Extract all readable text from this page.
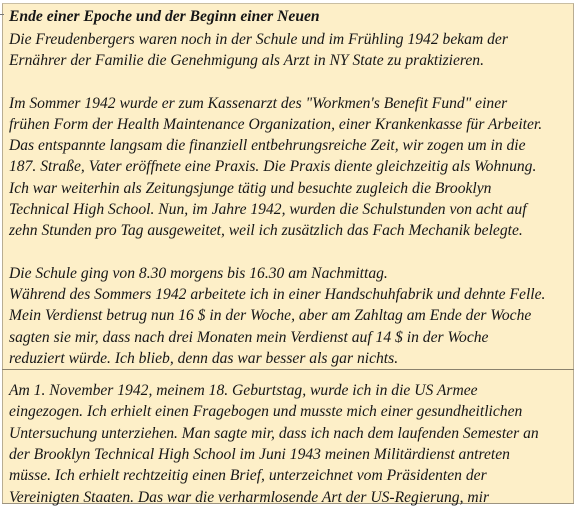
Ende einer Epoche und der Beginn einer Neuen
Die Freudenbergers waren noch in der Schule und im Frühling 1942 bekam der
Ernährer der Familie die Genehmigung als Arzt in NY State zu praktizieren.
Im Sommer 1942 wurde er zum Kassenarzt des "Workmen's Benefit Fund" einer
frühen Form der Health Maintenance Organization, einer Krankenkasse für Arbeiter.
Das entspannte langsam die finanziell entbehrungsreiche Zeit, wir zogen um in die
187. Straße, Vater eröffnete eine Praxis. Die Praxis diente gleichzeitig als Wohnung.
Ich war weiterhin als Zeitungsjunge tätig und besuchte zugleich die Brooklyn
Technical High School. Nun, im Jahre 1942, wurden die Schulstunden von acht auf
zehn Stunden pro Tag ausgeweitet, weil ich zusätzlich das Fach Mechanik belegte.
Die Schule ging von 8.30 morgens bis 16.30 am Nachmittag.
Während des Sommers 1942 arbeitete ich in einer Handschuhfabrik und dehnte Felle.
Mein Verdienst betrug nun 16 $ in der Woche, aber am Zahltag am Ende der Woche
sagten sie mir, dass nach drei Monaten mein Verdienst auf 14 $ in der Woche
reduziert würde. Ich blieb, denn das war besser als gar nichts.
Am 1. November 1942, meinem 18. Geburtstag, wurde ich in die US Armee
eingezogen. Ich erhielt einen Fragebogen und musste mich einer gesundheitlichen
Untersuchung unterziehen. Man sagte mir, dass ich nach dem laufenden Semester an
der Brooklyn Technical High School im Juni 1943 meinen Militärdienst antreten
müsse. Ich erhielt rechtzeitig einen Brief, unterzeichnet vom Präsidenten der
Vereinigten Staaten. Das war die verharmlosende Art der US-Regierung, mir
